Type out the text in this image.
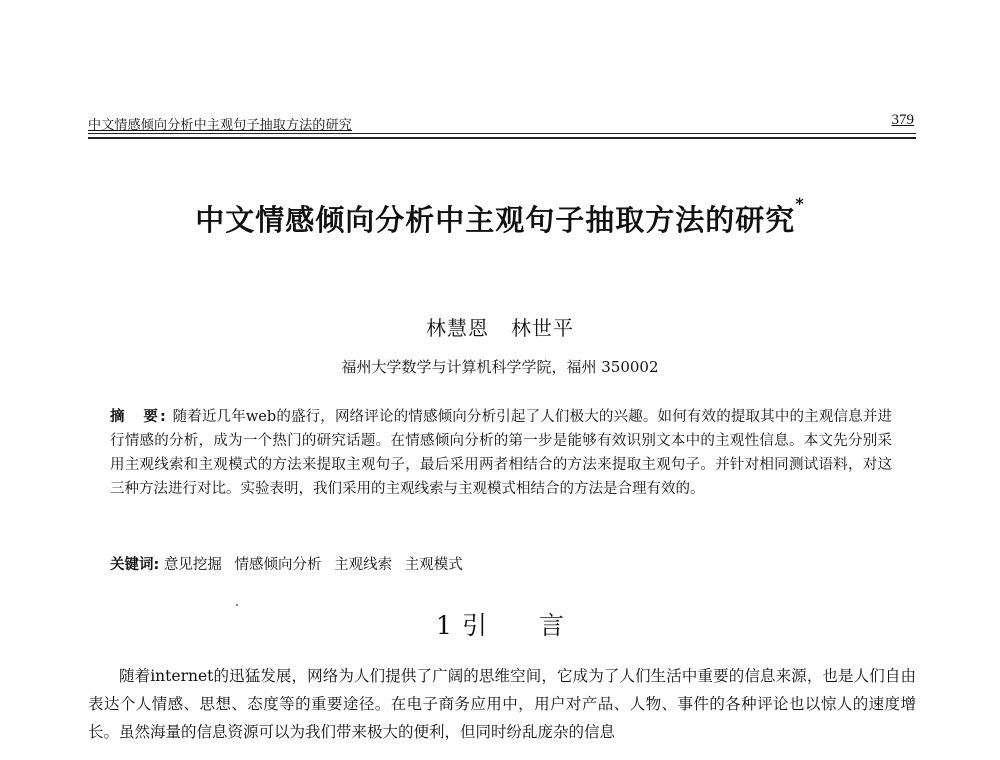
中文情感倾向分析中主观句子抽取方法的研究	379
中文情感倾向分析中主观句子抽取方法的研究*
林慧恩 林世平
福州大学数学与计算机科学学院，福州 350002
摘　要: 随着近几年web的盛行，网络评论的情感倾向分析引起了人们极大的兴趣。如何有效的提取其中的主观信息并进行情感的分析，成为一个热门的研究话题。在情感倾向分析的第一步是能够有效识别文本中的主观性信息。本文先分别采用主观线索和主观模式的方法来提取主观句子，最后采用两者相结合的方法来提取主观句子。并针对相同测试语料，对这三种方法进行对比。实验表明，我们采用的主观线索与主观模式相结合的方法是合理有效的。
关键词: 意见挖掘 情感倾向分析 主观线索 主观模式
1 引 言
随着internet的迅猛发展，网络为人们提供了广阔的思维空间，它成为了人们生活中重要的信息来源，也是人们自由表达个人情感、思想、态度等的重要途径。在电子商务应用中，用户对产品、人物、事件的各种评论也以惊人的速度增长。虽然海量的信息资源可以为我们带来极大的便利，但同时纷乱庞杂的信息
